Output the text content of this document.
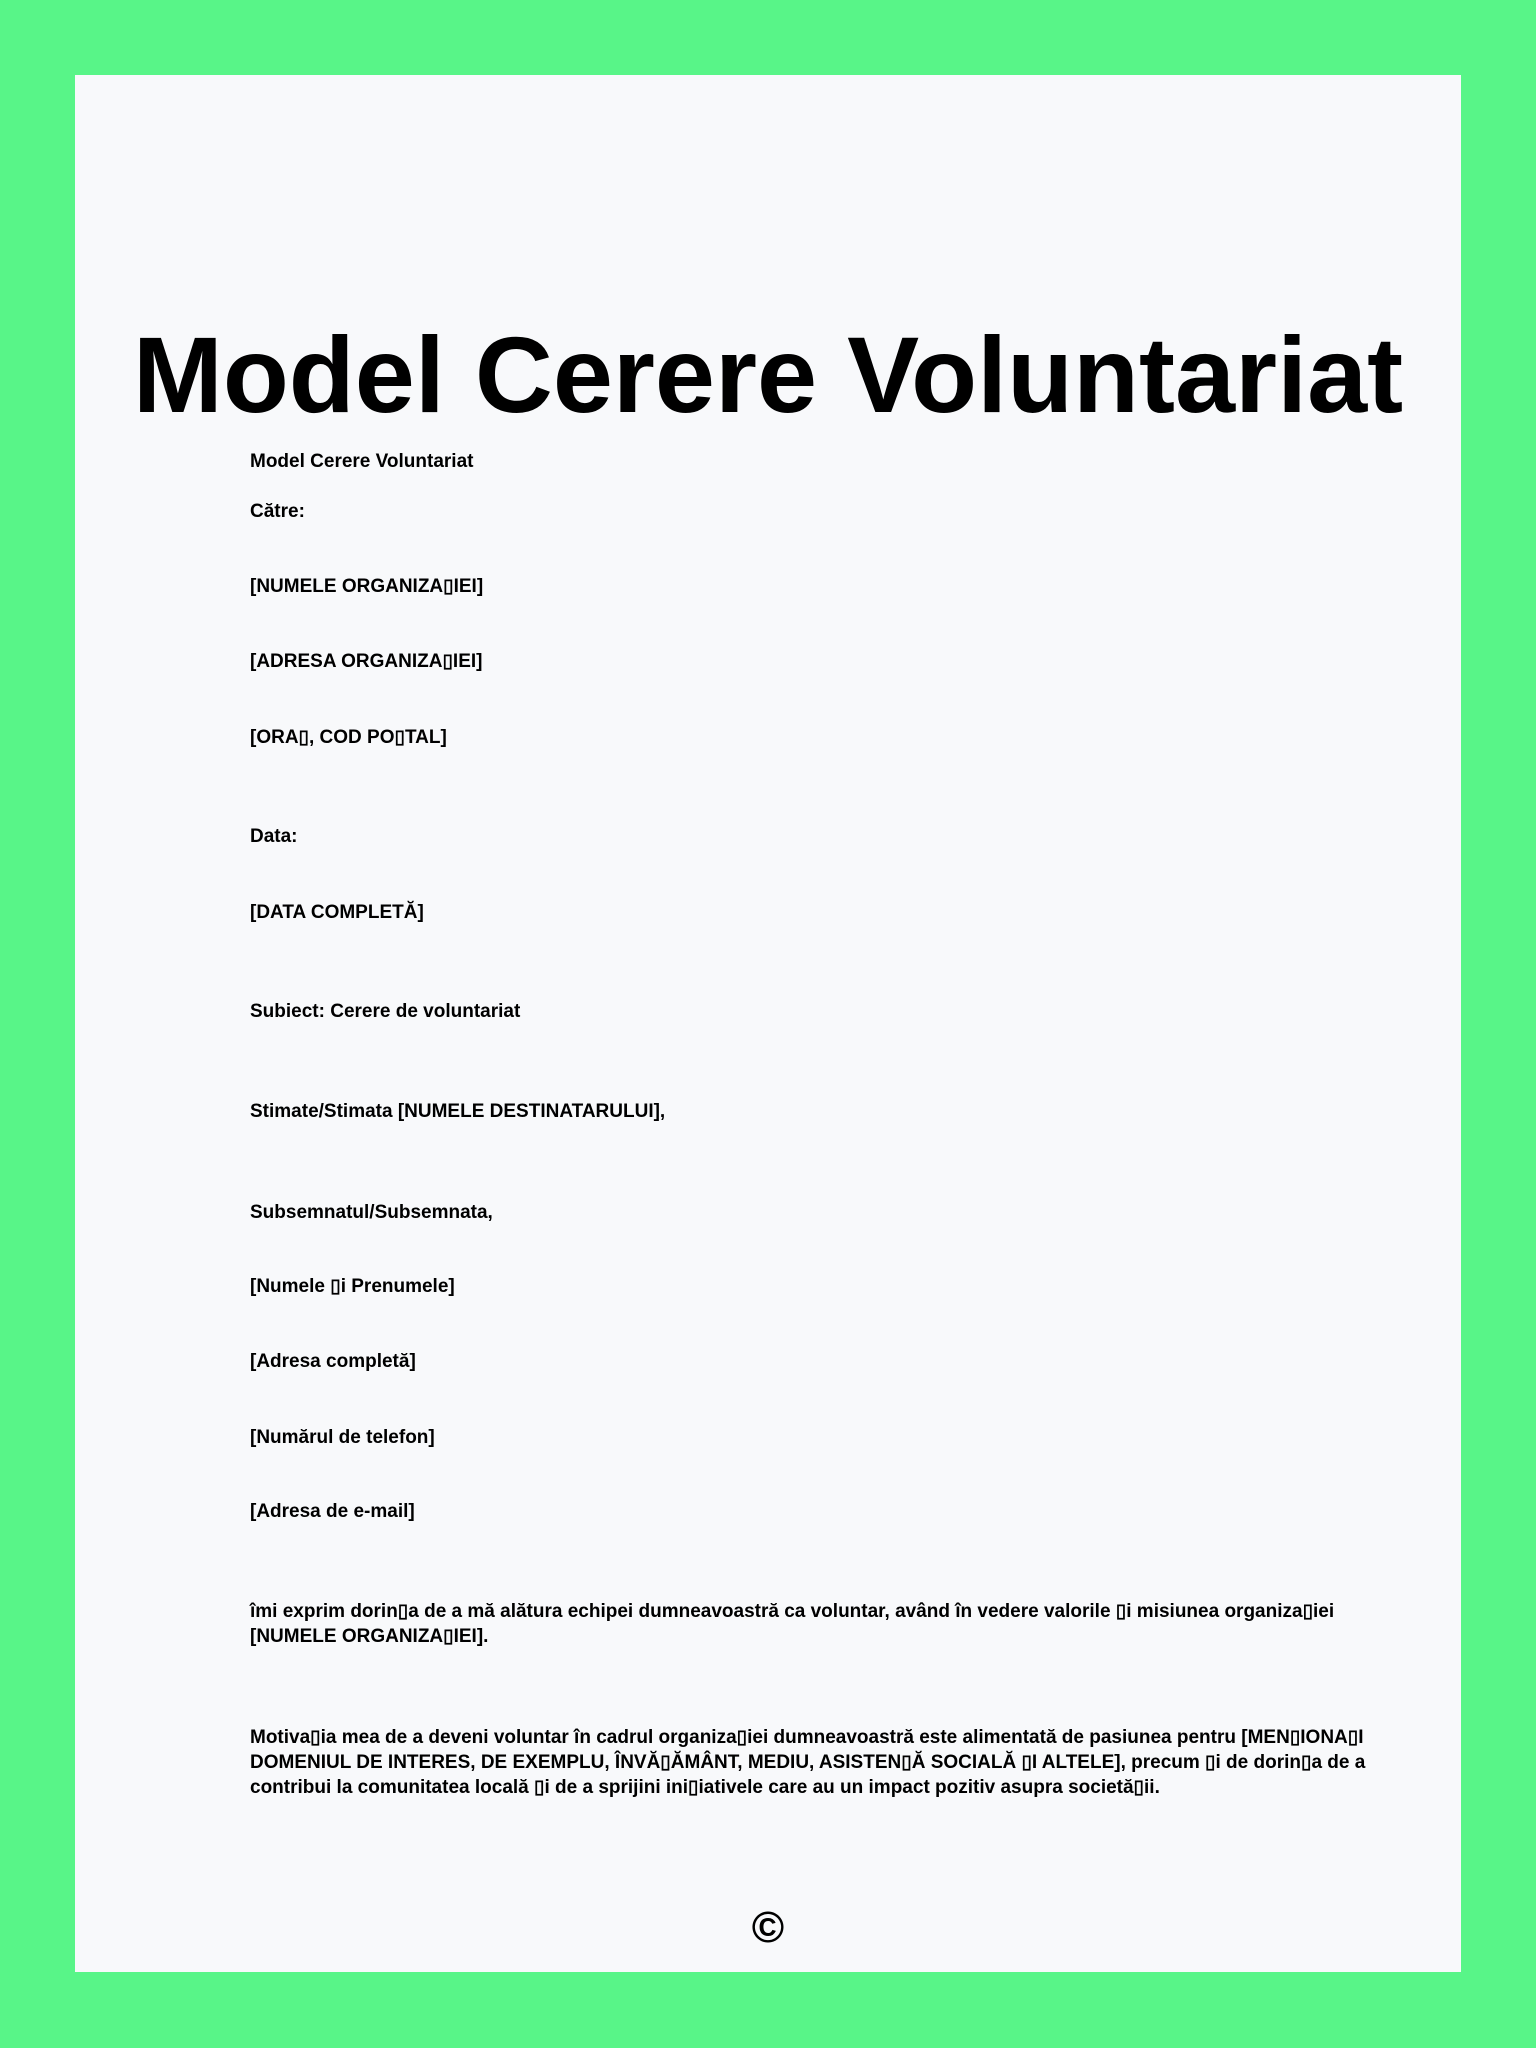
Model Cerere Voluntariat

Model Cerere Voluntariat

Către:

[NUMELE ORGANIZA▯IEI]

[ADRESA ORGANIZA▯IEI]

[ORA▯, COD PO▯TAL]

Data:

[DATA COMPLETĂ]

Subiect: Cerere de voluntariat

Stimate/Stimata [NUMELE DESTINATARULUI],

Subsemnatul/Subsemnata,

[Numele ▯i Prenumele]

[Adresa completă]

[Numărul de telefon]

[Adresa de e-mail]

îmi exprim dorin▯a de a mă alătura echipei dumneavoastră ca voluntar, având în vedere valorile ▯i misiunea organiza▯iei [NUMELE ORGANIZA▯IEI].

Motiva▯ia mea de a deveni voluntar în cadrul organiza▯iei dumneavoastră este alimentată de pasiunea pentru [MEN▯IONA▯I DOMENIUL DE INTERES, DE EXEMPLU, ÎNVĂ▯ĂMÂNT, MEDIU, ASISTEN▯Ă SOCIALĂ ▯I ALTELE], precum ▯i de dorin▯a de a contribui la comunitatea locală ▯i de a sprijini ini▯iativele care au un impact pozitiv asupra societă▯ii.

©
